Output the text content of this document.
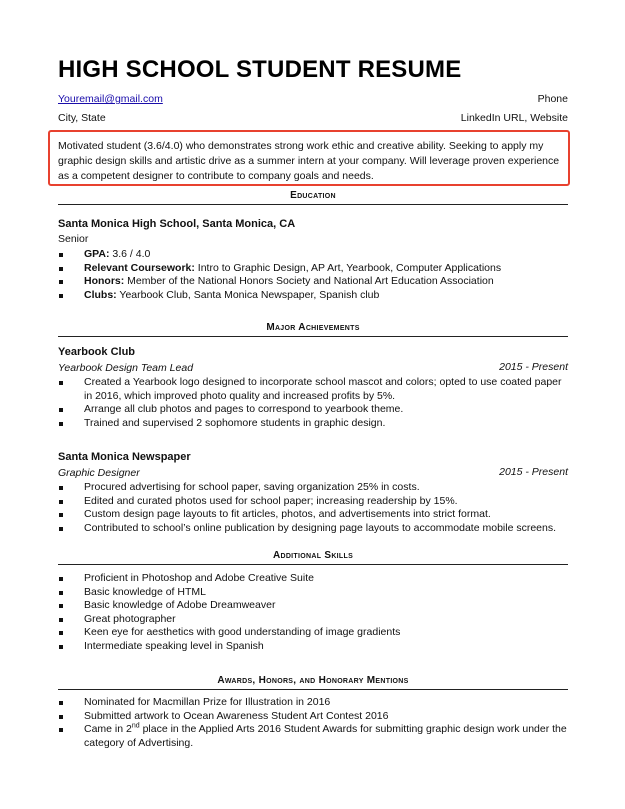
HIGH SCHOOL STUDENT RESUME
Youremail@gmail.com	Phone
City, State	LinkedIn URL, Website
Motivated student (3.6/4.0) who demonstrates strong work ethic and creative ability. Seeking to apply my graphic design skills and artistic drive as a summer intern at your company. Will leverage proven experience as a competent designer to contribute to company goals and needs.
Education
Santa Monica High School, Santa Monica, CA
Senior
GPA: 3.6 / 4.0
Relevant Coursework: Intro to Graphic Design, AP Art, Yearbook, Computer Applications
Honors: Member of the National Honors Society and National Art Education Association
Clubs: Yearbook Club, Santa Monica Newspaper, Spanish club
Major Achievements
Yearbook Club
Yearbook Design Team Lead	2015 - Present
Created a Yearbook logo designed to incorporate school mascot and colors; opted to use coated paper in 2016, which improved photo quality and increased profits by 5%.
Arrange all club photos and pages to correspond to yearbook theme.
Trained and supervised 2 sophomore students in graphic design.
Santa Monica Newspaper
Graphic Designer	2015 - Present
Procured advertising for school paper, saving organization 25% in costs.
Edited and curated photos used for school paper; increasing readership by 15%.
Custom design page layouts to fit articles, photos, and advertisements into strict format.
Contributed to school’s online publication by designing page layouts to accommodate mobile screens.
Additional Skills
Proficient in Photoshop and Adobe Creative Suite
Basic knowledge of HTML
Basic knowledge of Adobe Dreamweaver
Great photographer
Keen eye for aesthetics with good understanding of image gradients
Intermediate speaking level in Spanish
Awards, Honors, and Honorary Mentions
Nominated for Macmillan Prize for Illustration in 2016
Submitted artwork to Ocean Awareness Student Art Contest 2016
Came in 2nd place in the Applied Arts 2016 Student Awards for submitting graphic design work under the category of Advertising.
